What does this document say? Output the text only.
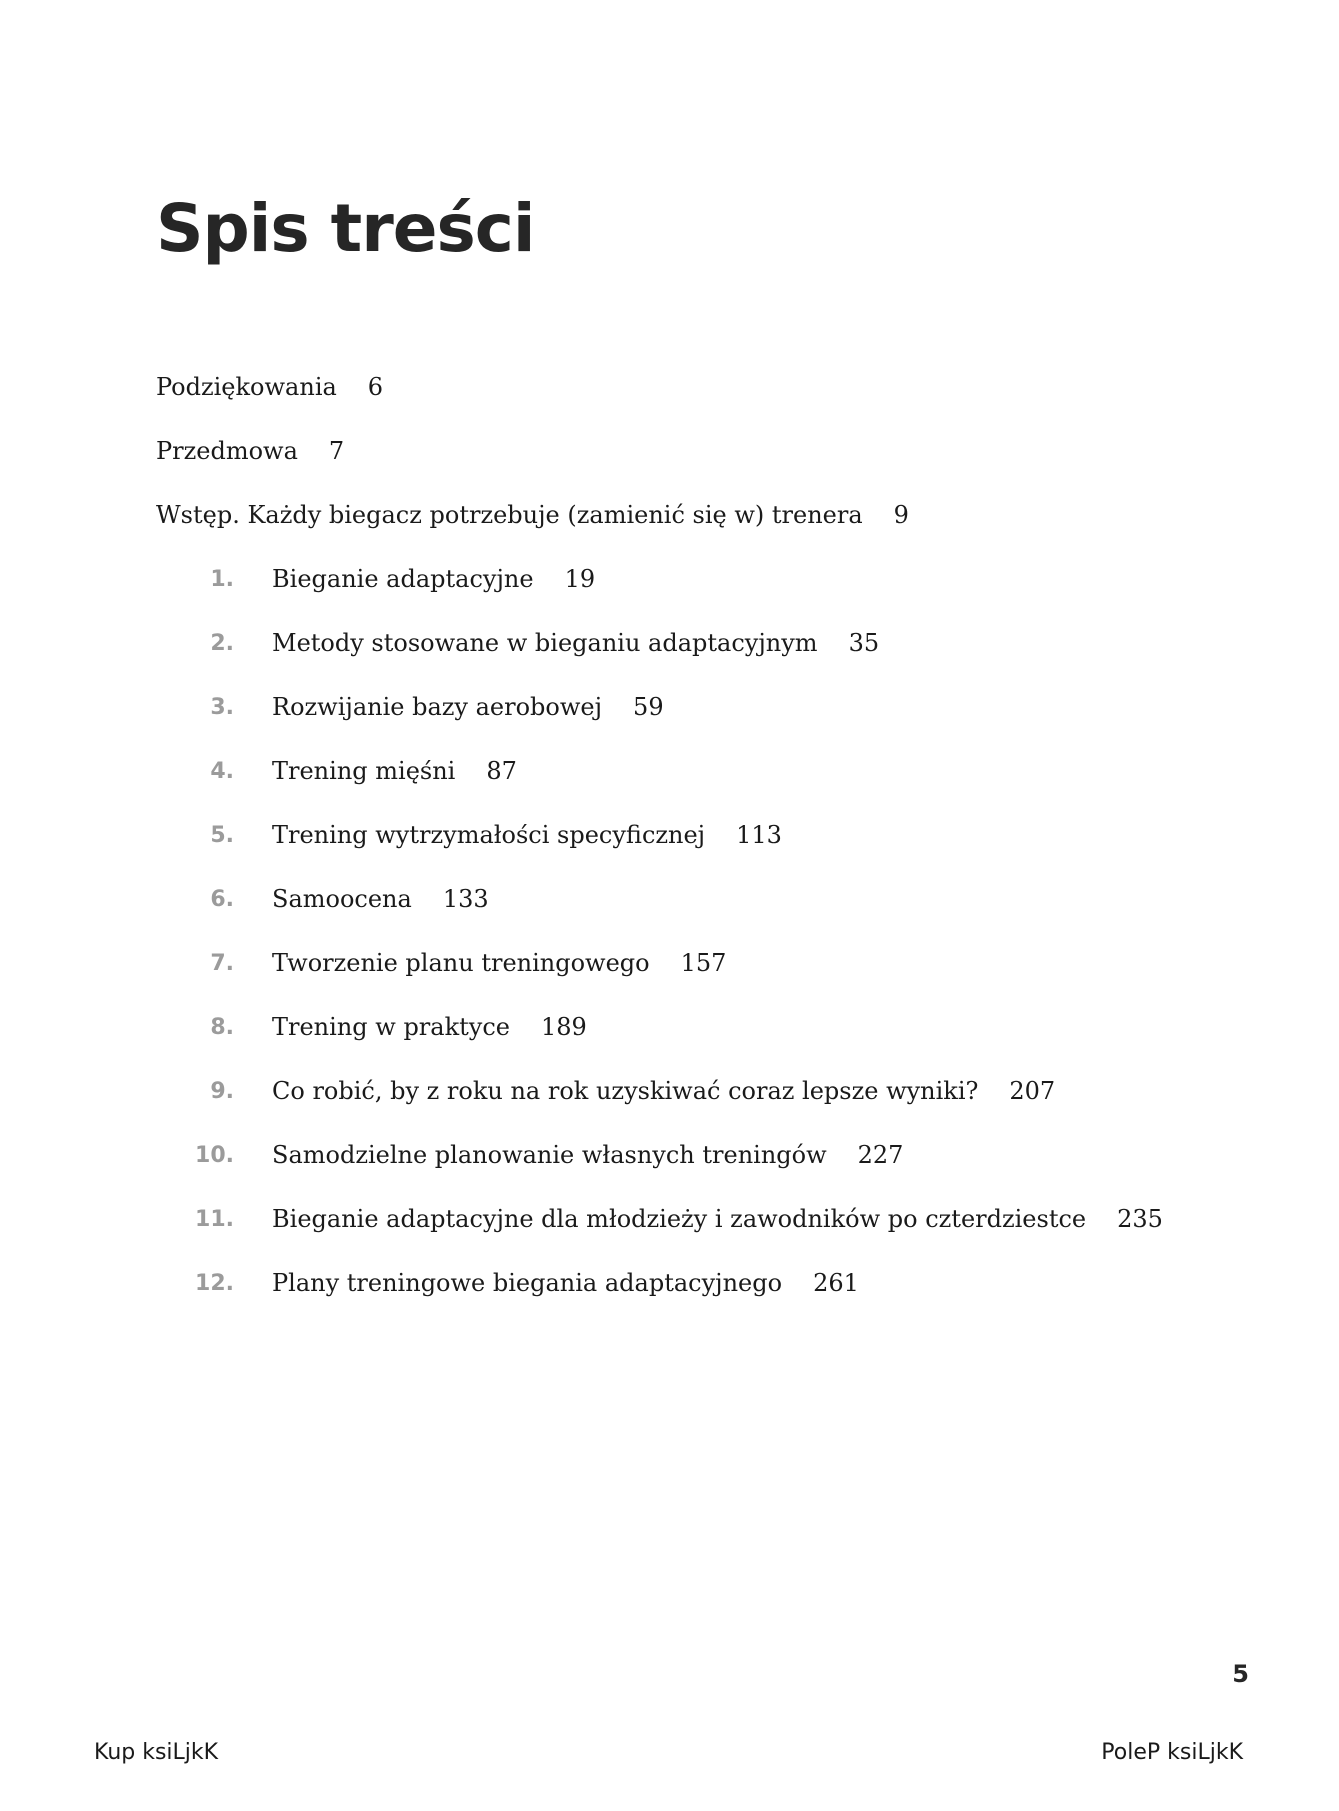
Spis treści
Podziękowania 6
Przedmowa 7
Wstęp. Każdy biegacz potrzebuje (zamienić się w) trenera 9
1. Bieganie adaptacyjne 19
2. Metody stosowane w bieganiu adaptacyjnym 35
3. Rozwijanie bazy aerobowej 59
4. Trening mięśni 87
5. Trening wytrzymałości specyficznej 113
6. Samoocena 133
7. Tworzenie planu treningowego 157
8. Trening w praktyce 189
9. Co robić, by z roku na rok uzyskiwać coraz lepsze wyniki? 207
10. Samodzielne planowanie własnych treningów 227
11. Bieganie adaptacyjne dla młodzieży i zawodników po czterdziestce 235
12. Plany treningowe biegania adaptacyjnego 261
5
Kup ksiLjkK	PoleP ksiLjkK
